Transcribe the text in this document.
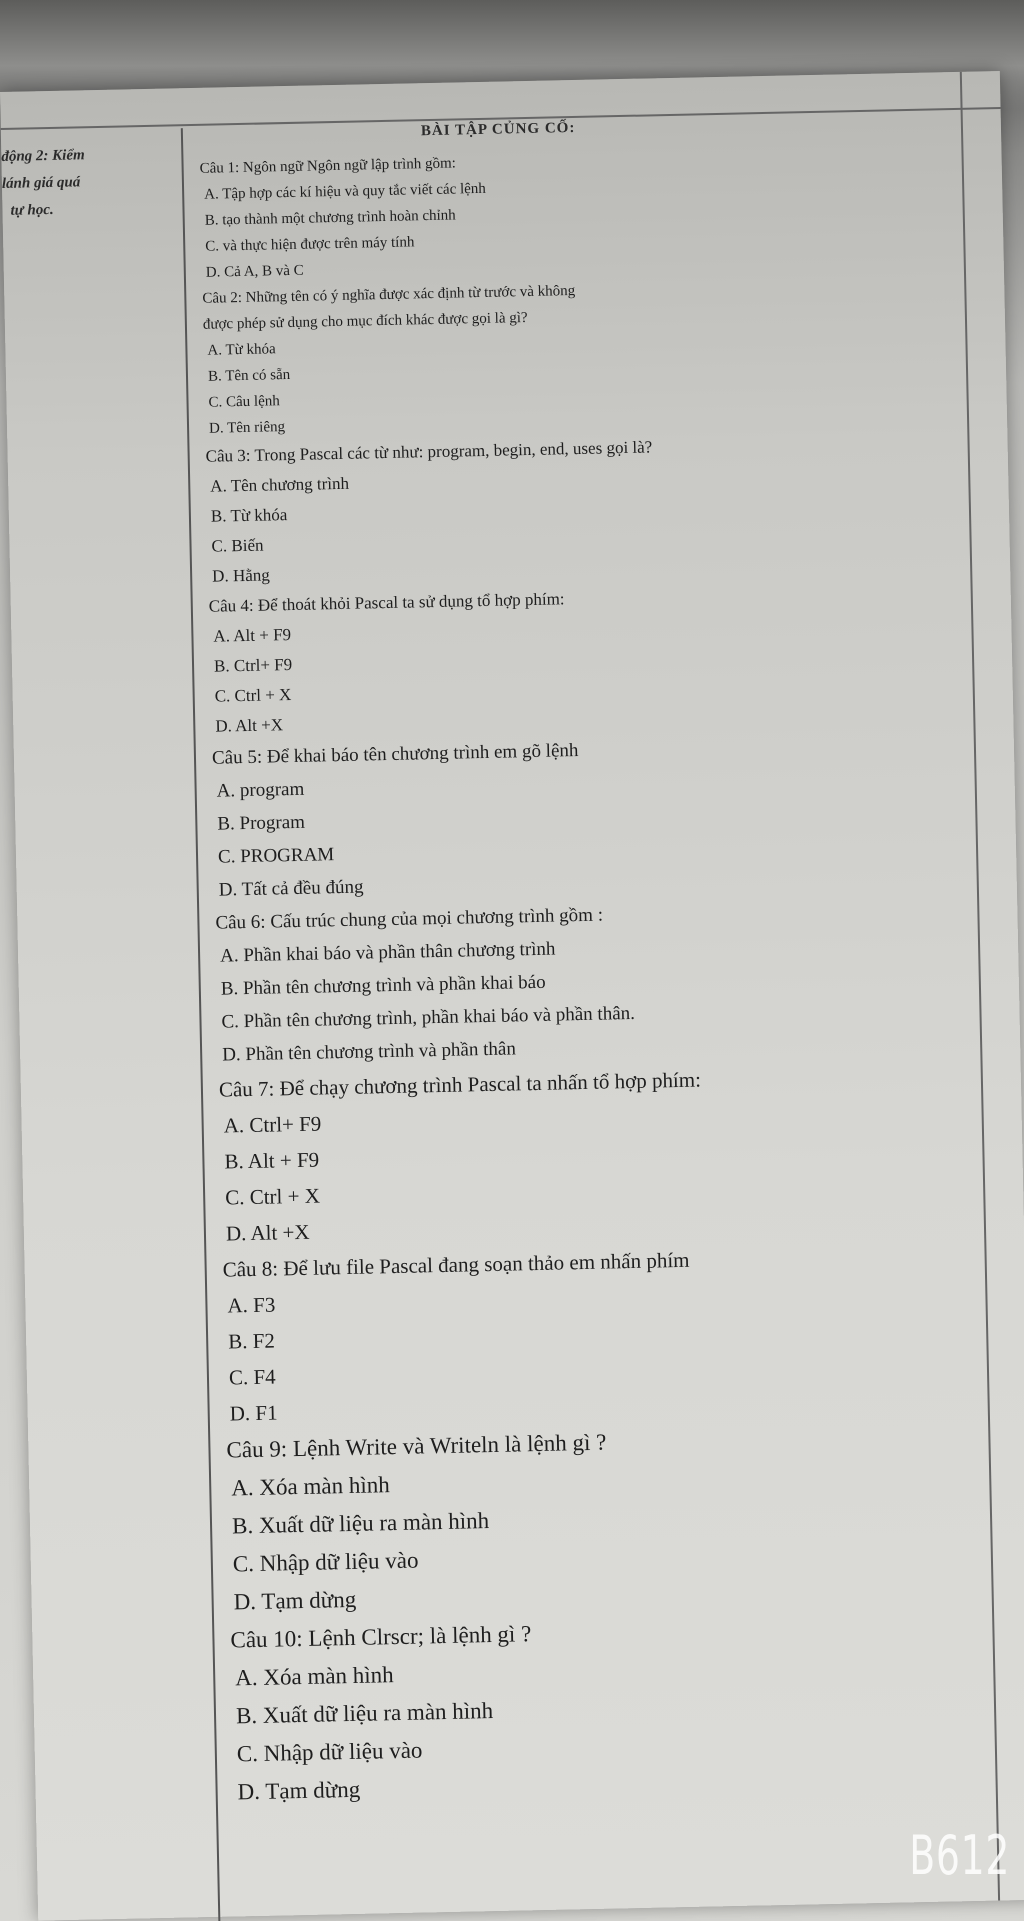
động 2: Kiểm
lánh giá quá
tự học.
BÀI TẬP CỦNG CỐ:
Câu 1: Ngôn ngữ Ngôn ngữ lập trình gồm:
A. Tập hợp các kí hiệu và quy tắc viết các lệnh
B. tạo thành một chương trình hoàn chỉnh
C. và thực hiện được trên máy tính
D. Cả A, B và C
Câu 2: Những tên có ý nghĩa được xác định từ trước và không
được phép sử dụng cho mục đích khác được gọi là gì?
A. Từ khóa
B. Tên có sẵn
C. Câu lệnh
D. Tên riêng
Câu 3: Trong Pascal các từ như: program, begin, end, uses gọi là?
A. Tên chương trình
B. Từ khóa
C. Biến
D. Hằng
Câu 4: Để thoát khỏi Pascal ta sử dụng tổ hợp phím:
A. Alt + F9
B. Ctrl+ F9
C. Ctrl + X
D. Alt +X
Câu 5: Để khai báo tên chương trình em gõ lệnh
A. program
B. Program
C. PROGRAM
D. Tất cả đều đúng
Câu 6: Cấu trúc chung của mọi chương trình gồm :
A. Phần khai báo và phần thân chương trình
B. Phần tên chương trình và phần khai báo
C. Phần tên chương trình, phần khai báo và phần thân.
D. Phần tên chương trình và phần thân
Câu 7: Để chạy chương trình Pascal ta nhấn tổ hợp phím:
A. Ctrl+ F9
B. Alt + F9
C. Ctrl + X
D. Alt +X
Câu 8: Để lưu file Pascal đang soạn thảo em nhấn phím
A. F3
B. F2
C. F4
D. F1
Câu 9: Lệnh Write và Writeln là lệnh gì ?
A. Xóa màn hình
B. Xuất dữ liệu ra màn hình
C. Nhập dữ liệu vào
D. Tạm dừng
Câu 10: Lệnh Clrscr; là lệnh gì ?
A. Xóa màn hình
B. Xuất dữ liệu ra màn hình
C. Nhập dữ liệu vào
D. Tạm dừng
B612
